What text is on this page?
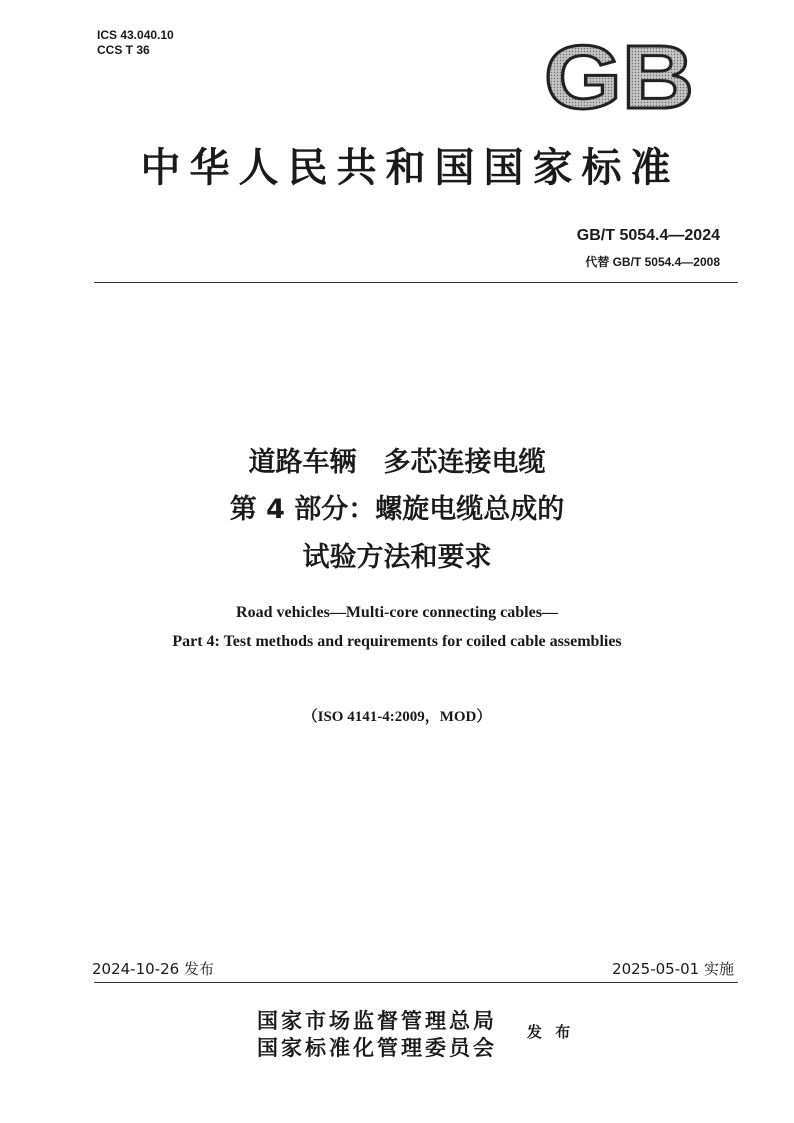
ICS 43.040.10
CCS T 36	GB
中华人民共和国国家标准
GB/T 5054.4—2024
代替 GB/T 5054.4—2008
道路车辆　多芯连接电缆
第 4 部分：螺旋电缆总成的
试验方法和要求
Road vehicles—Multi-core connecting cables—
Part 4: Test methods and requirements for coiled cable assemblies
（ISO 4141-4:2009，MOD）
2024-10-26 发布	2025-05-01 实施
国家市场监督管理总局
国家标准化管理委员会
发 布
